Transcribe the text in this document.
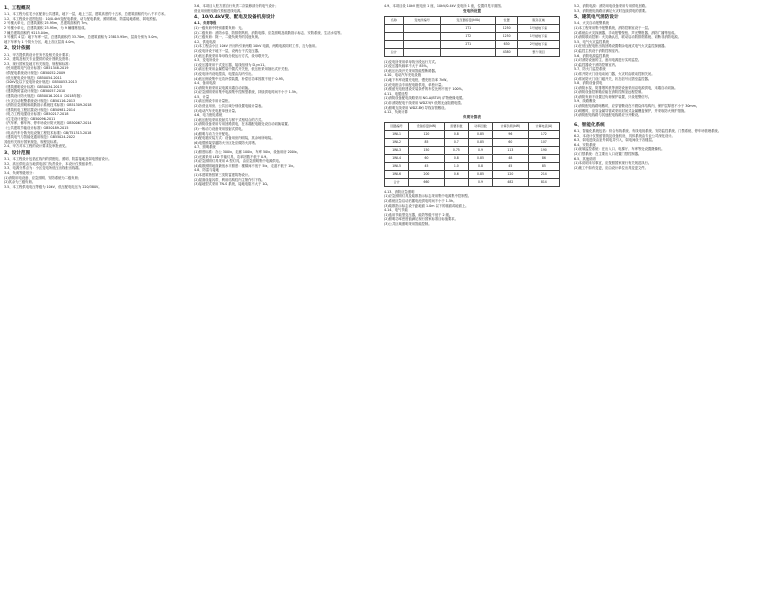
1、工程概况

1.1、本工程为住宅小区配套公共建筑，地下一层，地上三层，建筑高度约十五米，总建筑面积约为八千平方米。

1.2、本工程设计范围包括：10/0.4kV变配电系统、动力配电系统、照明系统、防雷接地系统、弱电预留。

2 号楼大单元，总建筑面积 25.95m，总建筑面积约 7m。

2 号楼小单元，总建筑面积 23.95m，为 9 幢楼栋组成。

7 幢总建筑面积约 9215.04m。

3 号楼共 4 层：地下车库一层，总建筑面积约 33.70m，总建筑面积为 23815.95m，层高分别为 5.0m。

地下车库为 1 个防火分区，地上各区层高 4.0m。

2、设计依据

2.1、甲方提供的设计任务书及相关设计要求；

2.2、建筑及相关专业提供的设计图纸及资料；

2.3、现行国家及地方有关规范、规程和标准：

《民用建筑电气设计标准》GB51348-2019

《供配电系统设计规范》GB50052-2009

《低压配电设计规范》GB50054-2011

《20kV及以下变电所设计规范》GB50053-2013

《建筑照明设计标准》GB50034-2013

《建筑物防雷设计规范》GB50057-2010

《建筑设计防火规范》GB50016-2014（2018年版）

《火灾自动报警系统设计规范》GB50116-2013

《消防应急照明和疏散指示系统技术标准》GB51309-2018

《建筑机电工程抗震设计规范》GB50981-2014

《电力工程电缆设计标准》GB50217-2018

《住宅设计规范》GB50096-2011

《汽车库、修车库、停车场设计防火规范》GB50067-2014

《公共建筑节能设计标准》GB50189-2015

《电动汽车分散充电设施工程技术标准》GB/T51313-2018

《建筑电气与智能化通用规范》GB55024-2022

其他有关现行国家规范、规程及标准。

2.4、甲方对本工程的设计要求及审批意见。

3、设计范围

3.1、本工程设计包括红线内的供配电、照明、防雷接地及弱电预留设计。

3.2、高压供电由当地供电部门负责设计，本设计仅预留条件。

3.3、电源分界点为：小区变电所低压出线柜出线端。

3.4、负荷等级划分：

(1)消防用电设备、应急照明、安防系统为二级负荷；

(2)其余为三级负荷。

3.5、本工程供电电压等级为 10kV，低压配电电压为 220/380V。

3.6、本项目入驻方需自行负责二次装修部分的电气设计；

营业用房配电箱仅预留进线电源。

4、10/0.4kV变、配电及设备机房设计

4.1、负荷等级

(1)一级负荷中特别重要负荷：无。

(2)二级负荷：消防水泵、防排烟风机、消防电梯、应急照明及疏散指示标志、安防系统、生活水泵等。

(3)三级负荷：除一、二级负荷外的其他负荷。

4.2、供电电源

(1)本工程由小区 10kV 开闭所引来两路 10kV 电源，两路电源同时工作，互为备用。

(2)变电所设于地下一层，设两台干式变压器。

(3)低压系统采用单母线分段运行方式，设母联开关。

4.3、变电所设计

(1)变压器采用干式变压器，接线组别为 D,yn11。

(2)高压柜采用金属铠装中置式开关柜，低压柜采用抽出式开关柜。

(3)变电所内设电缆沟，电缆由沟内引出。

(4)低压侧设集中无功补偿装置，补偿后功率因数不低于 0.95。

4.4、备用电源

(1)消防负荷采用双电源末端自动切换。

(2)应急照明采用集中电源集中控制型系统，持续供电时间不小于 1.5h。

4.5、计量

(1)高压侧设专用计量柜。

(2)各营业用房、公共区域分别设置电能计量表。

(3)电动汽车充电桩单独计量。

4.6、电力配电系统

(1)低压配电采用放射式与树干式相结合的方式。

(2)消防设备采用专用回路供电，在末端配电箱处设自动切换装置。

(3)一般动力设备采用放射式供电。

(4)照明与动力分开配电。

(5)配电箱安装方式：设备用房内明装，其余场所暗装。

(6)电缆桥架穿越防火分区处应做防火封堵。

4.7、照明系统

(1)照度标准：办公 300lx，走廊 100lx，车库 50lx，设备用房 200lx。

(2)光源采用 LED 节能灯具，功率因数不低于 0.9。

(3)应急照明灯具采用 A 型灯具，由应急照明集中电源供电。

(4)疏散照明地面最低水平照度：楼梯间不低于 5lx，走道不低于 1lx。

4.8、防雷与接地

(1)本建筑物按第三类防雷建筑物设计。

(2)屋面设接闪带，利用结构柱内主筋作引下线。

(3)接地型式采用 TN-S 系统，接地电阻不大于 1Ω。

4.9、本项目设 10kV 配电房 1 座，10kV/0.4kV 变电所 1 座，位置详见平面图。

变电所设置
名称	变电所编号	变压器容量(kVA)	位置	服务区域
		1T1	1250	1号楼地下室
		1T2	1250	1号楼地下室
		2T1	630	2号楼地下室
总计			4380	整个项目

(1)变电所采用单母线分段运行方式。

(2)变压器负载率不大于 85%。

(3)低压出线开关采用智能型断路器。

4.10、电动汽车充电设施

(1)地下车库设置充电桩，慢充桩功率 7kW。

(2)充电桩由专用配电箱供电，单独计量。

(3)预留充电桩建设安装条件的车位比例不低于 100%。

4.11、电缆选型

(1)消防设备配电线路采用 NG-A(BTLY) 矿物绝缘电缆。

(2)非消防配电干线采用 WDZ-YJY 低烟无卤阻燃电缆。

(3)照明支线采用 WDZ-BYJ 导线穿管敷设。

4.12、负荷计算

负荷计算表
回路编号	设备容量(kW)	需要系数	功率因数	计算负荷(kW)	计算电流(A)
1WL1	120	0.8	0.85	96	172
1WL2	85	0.7	0.85	60	107
1WL3	150	0.75	0.9	113	190
1WL4	60	0.8	0.85	48	86
1WL5	45	1.0	0.8	45	85
1WL6	200	0.6	0.85	120	214
合计	660		0.9	482	814

4.13、消防应急照明

(1)应急照明灯具及疏散指示标志采用集中电源集中控制型。

(2)系统应急启动后蓄电池供电时间不小于 1.5h。

(3)疏散指示标志设于距地面 1.0m 以下的墙面或地面上。

4.14、电气节能

(1)选用节能型变压器，能效等级不低于 2 级。

(2)照明功率密度值满足现行国家标准目标值要求。

(3)公共区域照明采用智能控制。

5.2、消防电源：消防用电设备采用专用供电回路。

5.3、消防配电线路应满足火灾时连续供电的需要。

5、建筑电气消防设计

5.4、火灾自动报警系统

(1)本工程采用集中报警系统，消防控制室设于一层。

(2)系统由火灾探测器、手动报警按钮、声光警报器、消防广播等组成。

(3)消防联动控制：火灾确认后，联动启动防排烟系统、切断非消防电源。

5.5、电气火灾监控系统

(1)在低压配电柜出线回路设置剩余电流式电气火灾监控探测器。

(2)监控主机设于消防控制室内。

5.6、消防电源监控系统

(1)对消防设备的主、备用电源进行实时监控。

(2)监控器设于消防控制室内。

5.7、防火门监控系统

(1)常开防火门设电动闭门器，火灾时由联动控制关闭。

(2)常闭防火门设门磁开关，状态信号反馈至监控器。

5.8、消防设备供电

(1)消防水泵、防排烟风机等消防设备采用双电源供电，末端自动切换。

(2)消防设备控制箱应能在消防控制室远程控制。

(3)消防负荷不设置过负荷保护装置，只设报警信号。

5.9、线路敷设

(1)消防配电线路暗敷时，应穿管敷设在不燃烧体结构内，保护层厚度不小于 30mm。

(2)明敷时，应穿金属导管或采用封闭式金属槽盒保护，并采取防火保护措施。

(3)消防配电线路与其他配电线路应分开敷设。

6、智能化系统

6.1、智能化系统包括：综合布线系统、有线电视系统、安防监控系统、门禁系统、停车场管理系统。

6.2、本设计仅预留管线及设备机房，具体系统由专业公司深化设计。

6.3、弱电进线由室外弱电井引入，弱电间设于各楼层。

6.4、安防系统

(1)视频监控系统：在出入口、电梯厅、车库等处设置摄像机。

(2)门禁系统：在主要出入口设置门禁控制器。

6.5、其他说明

(1)本说明未尽事宜，应按照国家现行有关规范执行。

(2)施工中如有变更，应由设计单位出具变更文件。
